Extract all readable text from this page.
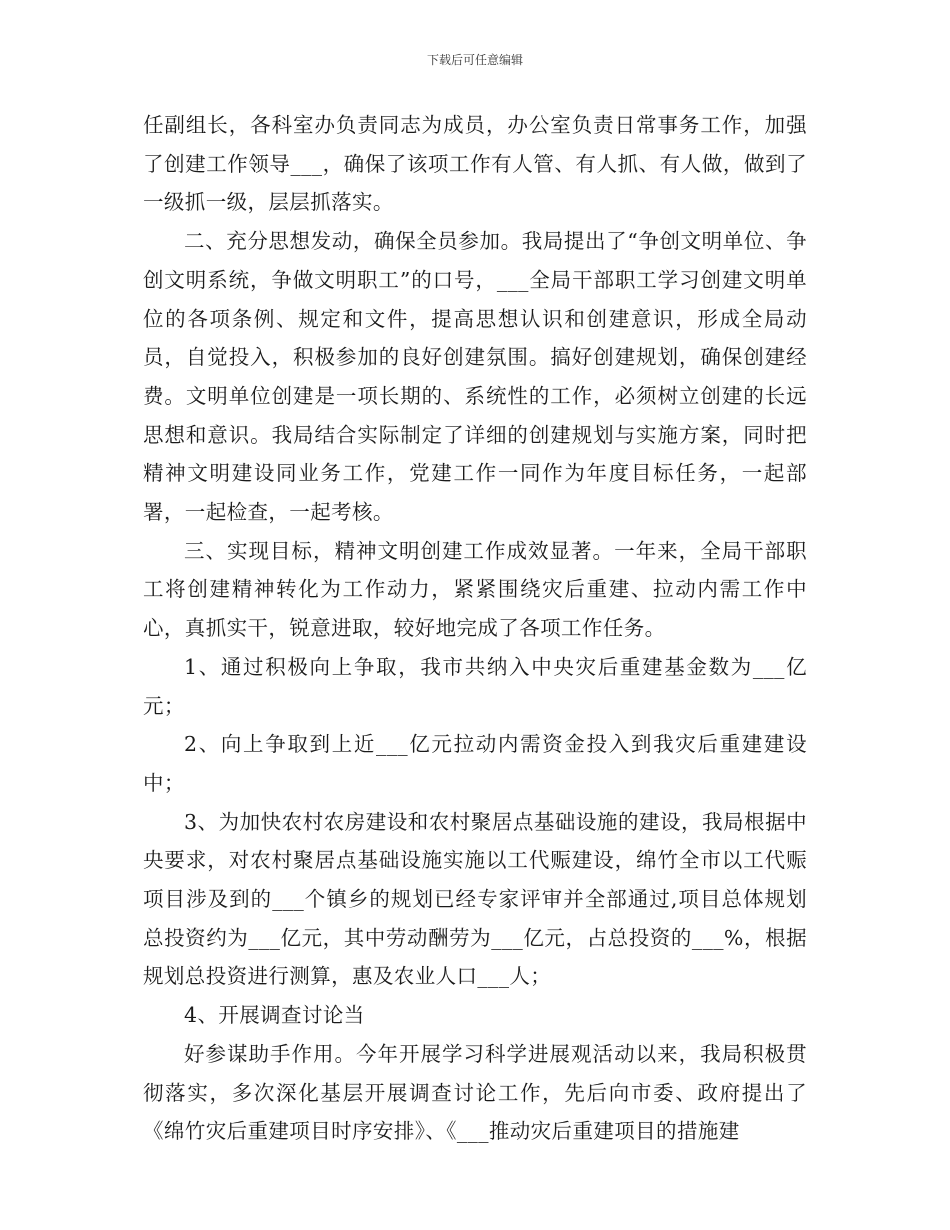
下载后可任意编辑

任副组长，各科室办负责同志为成员，办公室负责日常事务工作，加强了创建工作领导___，确保了该项工作有人管、有人抓、有人做，做到了一级抓一级，层层抓落实。

二、充分思想发动，确保全员参加。我局提出了“争创文明单位、争创文明系统，争做文明职工”的口号，___全局干部职工学习创建文明单位的各项条例、规定和文件，提高思想认识和创建意识，形成全局动员，自觉投入，积极参加的良好创建氛围。搞好创建规划，确保创建经费。文明单位创建是一项长期的、系统性的工作，必须树立创建的长远思想和意识。我局结合实际制定了详细的创建规划与实施方案，同时把精神文明建设同业务工作，党建工作一同作为年度目标任务，一起部署，一起检查，一起考核。

三、实现目标，精神文明创建工作成效显著。一年来，全局干部职工将创建精神转化为工作动力，紧紧围绕灾后重建、拉动内需工作中心，真抓实干，锐意进取，较好地完成了各项工作任务。

1、通过积极向上争取，我市共纳入中央灾后重建基金数为___亿元；

2、向上争取到上近___亿元拉动内需资金投入到我灾后重建建设中；

3、为加快农村农房建设和农村聚居点基础设施的建设，我局根据中央要求，对农村聚居点基础设施实施以工代赈建设，绵竹全市以工代赈项目涉及到的___个镇乡的规划已经专家评审并全部通过,项目总体规划总投资约为___亿元，其中劳动酬劳为___亿元，占总投资的___%，根据规划总投资进行测算，惠及农业人口___人；

4、开展调查讨论当

好参谋助手作用。今年开展学习科学进展观活动以来，我局积极贯彻落实，多次深化基层开展调查讨论工作，先后向市委、政府提出了《绵竹灾后重建项目时序安排》、《___推动灾后重建项目的措施建
